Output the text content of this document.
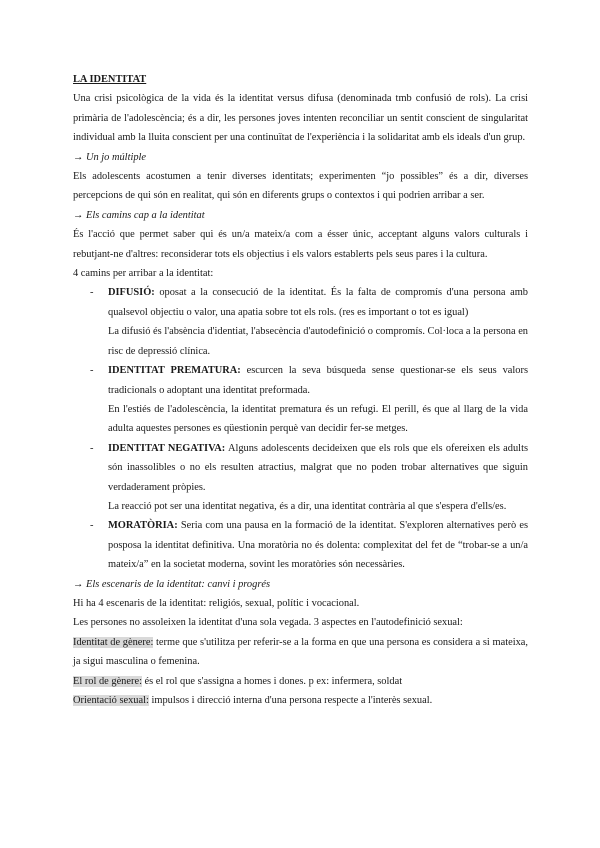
LA IDENTITAT

Una crisi psicològica de la vida és la identitat versus difusa (denominada tmb confusió de rols). La crisi primària de l'adolescència; és a dir, les persones joves intenten reconciliar un sentit conscient de singularitat individual amb la lluita conscient per una continuïtat de l'experiència i la solidaritat amb els ideals d'un grup.

→ Un jo múltiple

Els adolescents acostumen a tenir diverses identitats; experimenten “jo possibles” és a dir, diverses percepcions de qui són en realitat, qui són en diferents grups o contextos i qui podrien arribar a ser.

→ Els camins cap a la identitat

És l'acció que permet saber qui és un/a mateix/a com a ésser únic, acceptant alguns valors culturals i rebutjant-ne d'altres: reconsiderar tots els objectius i els valors establerts pels seus pares i la cultura.

4 camins per arribar a la identitat:

- DIFUSIÓ: oposat a la consecució de la identitat. És la falta de compromís d'una persona amb qualsevol objectiu o valor, una apatia sobre tot els rols. (res es important o tot es igual)

La difusió és l'absència d'identiat, l'absecència d'autodefinició o compromís. Col·loca a la persona en risc de depressió clínica.

- IDENTITAT PREMATURA: escurcen la seva búsqueda sense questionar-se els seus valors tradicionals o adoptant una identitat preformada.

En l'estiés de l'adolescència, la identitat prematura és un refugi. El perill, és que al llarg de la vida adulta aquestes persones es qüestionin perquè van decidir fer-se metges.

- IDENTITAT NEGATIVA: Alguns adolescents decideixen que els rols que els ofereixen els adults són inassolibles o no els resulten atractius, malgrat que no poden trobar alternatives que siguin verdaderament pròpies.

La reacció pot ser una identitat negativa, és a dir, una identitat contrària al que s'espera d'ells/es.

- MORATÒRIA: Seria com una pausa en la formació de la identitat. S'exploren alternatives però es posposa la identitat definitiva. Una moratòria no és dolenta: complexitat del fet de “trobar-se a un/a mateix/a” en la societat moderna, sovint les moratòries són necessàries.

→ Els escenaris de la identitat: canvi i progrés

Hi ha 4 escenaris de la identitat: religiós, sexual, polític i vocacional.

Les persones no assoleixen la identitat d'una sola vegada. 3 aspectes en l'autodefinició sexual:

Identitat de gènere: terme que s'utilitza per referir-se a la forma en que una persona es considera a si mateixa, ja sigui masculina o femenina.

El rol de gènere: és el rol que s'assigna a homes i dones. p ex: infermera, soldat

Orientació sexual: impulsos i direcció interna d'una persona respecte a l'interès sexual.
